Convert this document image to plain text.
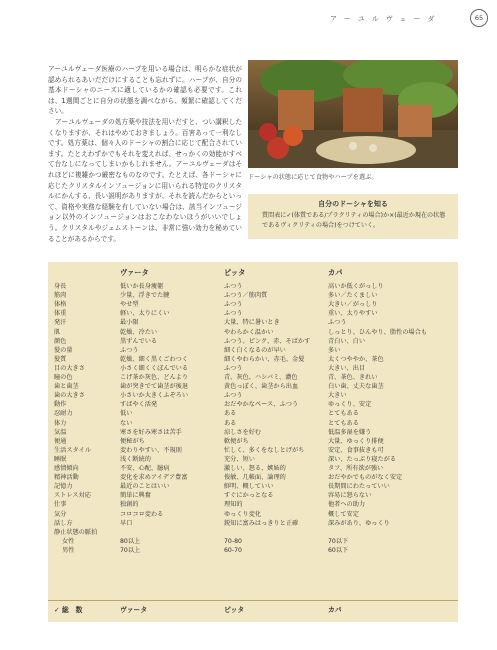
アーユルヴェーダ	65

アーユルヴェーダ医療のハーブを用いる場合は、明らかな症状が認められるあいだだけにすることも忘れずに。ハーブが、自分の基本ドーシャのニーズに適しているかの確認も必要です。これは、1週間ごとに自分の状態を調べながら、頻繁に確認してください。

アーユルヴェーダの処方薬や技法を用いだすと、つい講釈したくなりますが、それはやめておきましょう。百害あって一利なしです。処方薬は、個々人のドーシャの割合に応じて配合されています。たとえわずかでもそれを変えれば、せっかくの効能がすべて台なしになってしまいかもしれません。アーユルヴェーダはそれほどに複雑かつ厳密なものなのです。たとえば、各ドーシャに応じたクリスタルインフュージョンに用いられる特定のクリスタルにかんする、長い説明がありますが、それを読んだからといって、資格や実務な経験を有していない場合は、該当インフュージョン以外のインフュージョンはおこなわないほうがいいでしょう。クリスタルやジェムストーンは、非常に強い効力を秘めていることがあるからです。

ドーシャの状態に応じて食物やハーブを選ぶ。
自分のドーシャを知る
質問表に✓(体質である/プラクリティの場合)か×(最近か現在の状態であるヴィクリティの場合)をつけていく。
ヴァータ	ピッタ	カパ
身長	低いか長身痩躯	ふつう	高いか低くがっしり
筋肉	少量、浮きでた腱	ふつう／筋肉質	多い／たくましい
体格	やせ型	ふつう	大きい／がっしり
体重	軽い、太りにくい	ふつう	重い、太りやすい
発汗	最小限	大量、特に暑いとき	ふつう
肌	乾燥、冷たい	やわらかく温かい	しっとり、ひんやり、脂性の場合も
顔色	黒ずんでいる	ふつう、ピンク、赤、そばかす	青白い、白い
髪の量	ふつう	細く白くなるのが早い	多い
髪質	乾燥、細く黒くごわつく	細くやわらかい、赤毛、金髪	太くつややか、茶色
目の大きさ	小さく細くくぼんでいる	ふつう	大きい、出目
瞳の色	こげ茶か灰色、どんより	青、灰色、ハシバミ、濃色	青、茶色、きれい
歯と歯茎	歯が突きでて歯茎が後退	黄色っぽく、歯茎から出血	白い歯、丈夫な歯茎
歯の大きさ	小さいか大きくふぞろい	ふつう	大きい
動作	すばやく活発	おだやかなペース、ふつう	ゆっくり、安定
忍耐力	低い	ある	とてもある
体力	ない	ある	とてもある
気温	寒さを好み寒さは苦手	涼しさを好む	低温多湿を嫌う
便通	便秘がち	軟便がち	大量、ゆっくり排便
生活スタイル	変わりやすい、不規則	忙しく、多くをなしとげがち	安定、食事抜きも可
睡眠	浅く断続的	充分、短い	深い、たっぷり寝たがる
感情傾向	不安、心配、臆病	激しい、怒る、嫉妬的	タフ、所有欲が強い
精神活動	変化を求めアイデア豊富	俊敏、几帳面、論理的	おだやかでものがなく安定
記憶力	最近のことはいい	鮮明、概していい	長期間にわたっていい
ストレス対応	簡単に興奮	すぐにかっとなる	容易に怒らない
仕事	独創的	理知的	他者への助力
気分	コロコロ変わる	ゆっくり変化	概して安定
話し方	早口	鋭知に富みはっきりと正確	深みがあり、ゆっくり
静止状態の脈拍
女性	80以上	70-80	70以下
男性	70以上	60-70	60以下
✓ 総　数	ヴァータ	ピッタ	カパ
